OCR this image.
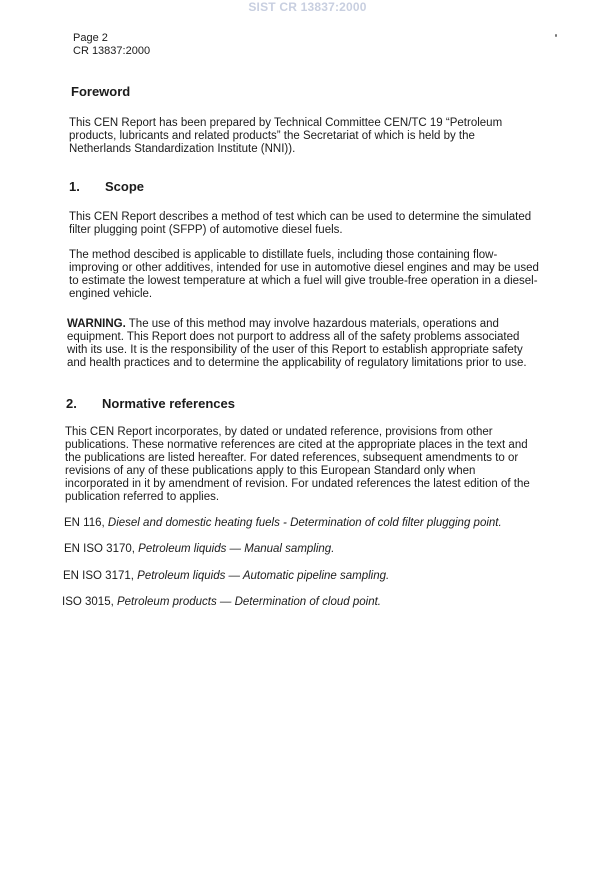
SIST CR 13837:2000
Page 2
CR 13837:2000
Foreword
This CEN Report has been prepared by Technical Committee CEN/TC 19 “Petroleum
products, lubricants and related products” the Secretariat of which is held by the
Netherlands Standardization Institute (NNI)).
1. Scope
This CEN Report describes a method of test which can be used to determine the simulated
filter plugging point (SFPP) of automotive diesel fuels.
The method descibed is applicable to distillate fuels, including those containing flow-
improving or other additives, intended for use in automotive diesel engines and may be used
to estimate the lowest temperature at which a fuel will give trouble-free operation in a diesel-
engined vehicle.
WARNING. The use of this method may involve hazardous materials, operations and
equipment. This Report does not purport to address all of the safety problems associated
with its use. It is the responsibility of the user of this Report to establish appropriate safety
and health practices and to determine the applicability of regulatory limitations prior to use.
2. Normative references
This CEN Report incorporates, by dated or undated reference, provisions from other
publications. These normative references are cited at the appropriate places in the text and
the publications are listed hereafter. For dated references, subsequent amendments to or
revisions of any of these publications apply to this European Standard only when
incorporated in it by amendment of revision. For undated references the latest edition of the
publication referred to applies.
EN 116, Diesel and domestic heating fuels - Determination of cold filter plugging point.
EN ISO 3170, Petroleum liquids — Manual sampling.
EN ISO 3171, Petroleum liquids — Automatic pipeline sampling.
ISO 3015, Petroleum products — Determination of cloud point.
